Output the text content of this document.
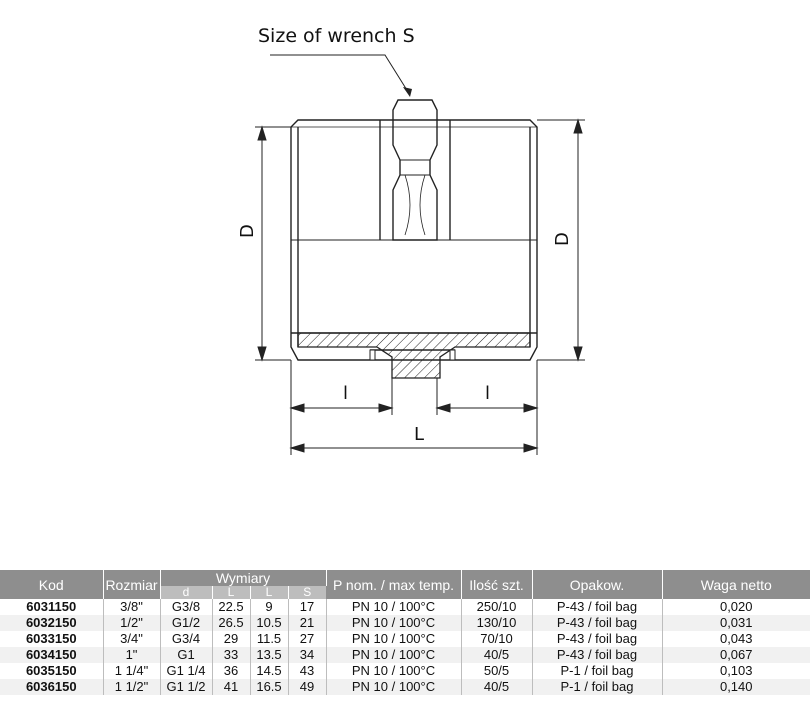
Size of wrench S
D
D
l	l
L
Kod	Rozmiar	Wymiary				P nom. / max temp.	Ilość szt.	Opakow.	Waga netto
		d	L	L	S				
6031150	3/8"	G3/8	22.5	9	17	PN 10 / 100°C	250/10	P-43 / foil bag	0,020
6032150	1/2"	G1/2	26.5	10.5	21	PN 10 / 100°C	130/10	P-43 / foil bag	0,031
6033150	3/4"	G3/4	29	11.5	27	PN 10 / 100°C	70/10	P-43 / foil bag	0,043
6034150	1"	G1	33	13.5	34	PN 10 / 100°C	40/5	P-43 / foil bag	0,067
6035150	1 1/4"	G1 1/4	36	14.5	43	PN 10 / 100°C	50/5	P-1 / foil bag	0,103
6036150	1 1/2"	G1 1/2	41	16.5	49	PN 10 / 100°C	40/5	P-1 / foil bag	0,140
